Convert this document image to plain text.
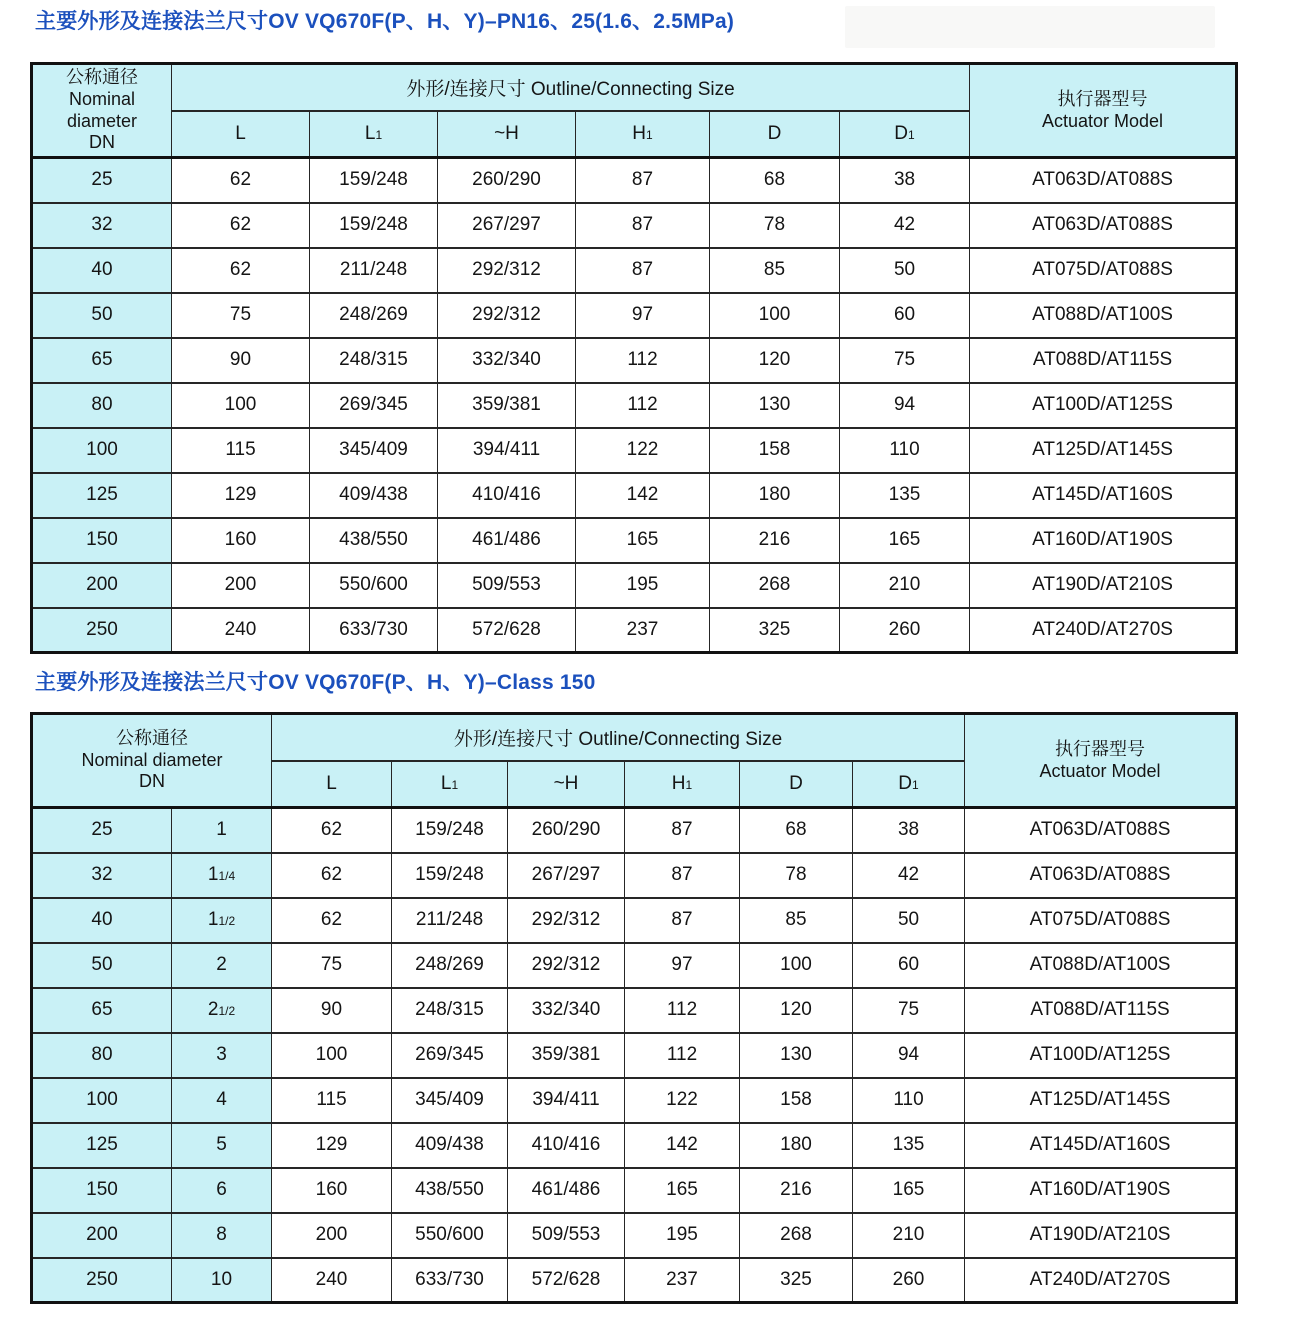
主要外形及连接法兰尺寸OV VQ670F(P、H、Y)–PN16、25(1.6、2.5MPa)
公称通径
Nominal
diameter
DN
	外形/连接尺寸 Outline/Connecting Size	执行器型号
Actuator Model

	L	L1	~H	H1	D	D1	
25	62	159/248	260/290	87	68	38	AT063D/AT088S
32	62	159/248	267/297	87	78	42	AT063D/AT088S
40	62	211/248	292/312	87	85	50	AT075D/AT088S
50	75	248/269	292/312	97	100	60	AT088D/AT100S
65	90	248/315	332/340	112	120	75	AT088D/AT115S
80	100	269/345	359/381	112	130	94	AT100D/AT125S
100	115	345/409	394/411	122	158	110	AT125D/AT145S
125	129	409/438	410/416	142	180	135	AT145D/AT160S
150	160	438/550	461/486	165	216	165	AT160D/AT190S
200	200	550/600	509/553	195	268	210	AT190D/AT210S
250	240	633/730	572/628	237	325	260	AT240D/AT270S
主要外形及连接法兰尺寸OV VQ670F(P、H、Y)–Class 150
公称通径
Nominal diameter
DN
	外形/连接尺寸 Outline/Connecting Size	执行器型号
Actuator Model

		L	L1	~H	H1	D	D1	
25	1	62	159/248	260/290	87	68	38	AT063D/AT088S
32	11/4	62	159/248	267/297	87	78	42	AT063D/AT088S
40	11/2	62	211/248	292/312	87	85	50	AT075D/AT088S
50	2	75	248/269	292/312	97	100	60	AT088D/AT100S
65	21/2	90	248/315	332/340	112	120	75	AT088D/AT115S
80	3	100	269/345	359/381	112	130	94	AT100D/AT125S
100	4	115	345/409	394/411	122	158	110	AT125D/AT145S
125	5	129	409/438	410/416	142	180	135	AT145D/AT160S
150	6	160	438/550	461/486	165	216	165	AT160D/AT190S
200	8	200	550/600	509/553	195	268	210	AT190D/AT210S
250	10	240	633/730	572/628	237	325	260	AT240D/AT270S
